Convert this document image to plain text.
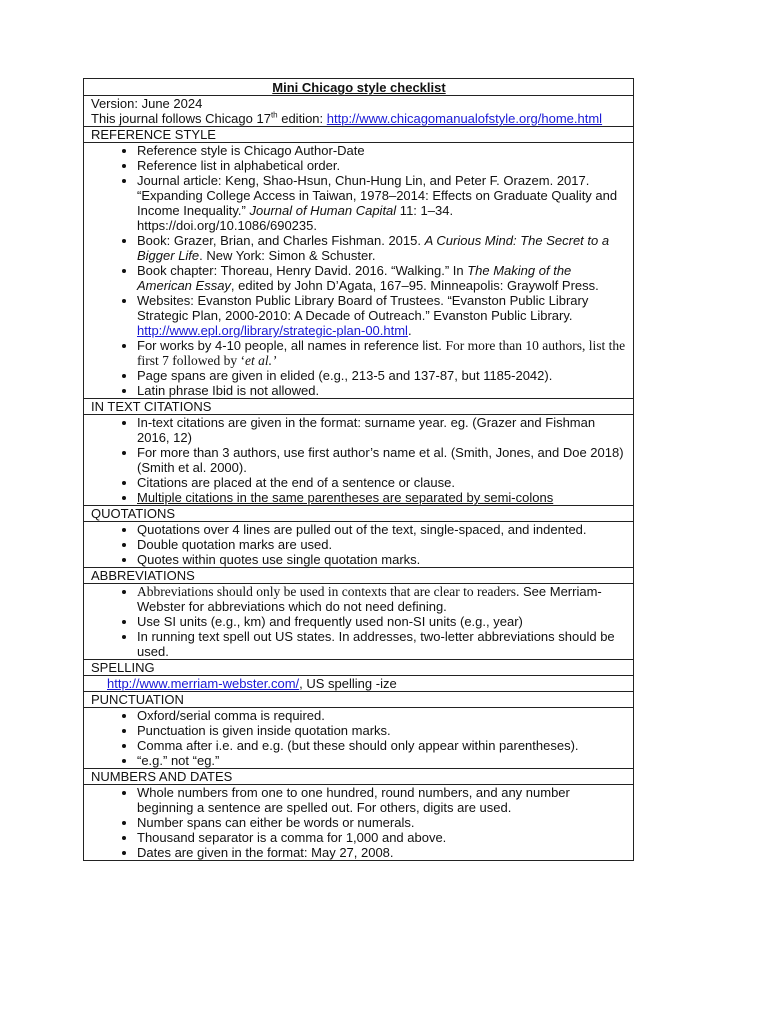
Mini Chicago style checklist

Version: June 2024
This journal follows Chicago 17th edition: http://www.chicagomanualofstyle.org/home.html

REFERENCE STYLE

• Reference style is Chicago Author-Date
• Reference list in alphabetical order.
• Journal article: Keng, Shao-Hsun, Chun-Hung Lin, and Peter F. Orazem. 2017. “Expanding College Access in Taiwan, 1978–2014: Effects on Graduate Quality and Income Inequality.” Journal of Human Capital 11: 1–34. https://doi.org/10.1086/690235.
• Book: Grazer, Brian, and Charles Fishman. 2015. A Curious Mind: The Secret to a Bigger Life. New York: Simon & Schuster.
• Book chapter: Thoreau, Henry David. 2016. “Walking.” In The Making of the American Essay, edited by John D’Agata, 167–95. Minneapolis: Graywolf Press.
• Websites: Evanston Public Library Board of Trustees. “Evanston Public Library Strategic Plan, 2000-2010: A Decade of Outreach.” Evanston Public Library. http://www.epl.org/library/strategic-plan-00.html.
• For works by 4-10 people, all names in reference list. For more than 10 authors, list the first 7 followed by ‘et al.’
• Page spans are given in elided (e.g., 213-5 and 137-87, but 1185-2042).
• Latin phrase Ibid is not allowed.

IN TEXT CITATIONS

• In-text citations are given in the format: surname year. eg. (Grazer and Fishman 2016, 12)
• For more than 3 authors, use first author’s name et al. (Smith, Jones, and Doe 2018) (Smith et al. 2000).
• Citations are placed at the end of a sentence or clause.
• Multiple citations in the same parentheses are separated by semi-colons

QUOTATIONS

• Quotations over 4 lines are pulled out of the text, single-spaced, and indented.
• Double quotation marks are used.
• Quotes within quotes use single quotation marks.

ABBREVIATIONS

• Abbreviations should only be used in contexts that are clear to readers. See Merriam-Webster for abbreviations which do not need defining.
• Use SI units (e.g., km) and frequently used non-SI units (e.g., year)
• In running text spell out US states. In addresses, two-letter abbreviations should be used.

SPELLING
http://www.merriam-webster.com/, US spelling -ize
PUNCTUATION

• Oxford/serial comma is required.
• Punctuation is given inside quotation marks.
• Comma after i.e. and e.g. (but these should only appear within parentheses).
• “e.g.” not “eg.”

NUMBERS AND DATES

• Whole numbers from one to one hundred, round numbers, and any number beginning a sentence are spelled out. For others, digits are used.
• Number spans can either be words or numerals.
• Thousand separator is a comma for 1,000 and above.
• Dates are given in the format: May 27, 2008.
